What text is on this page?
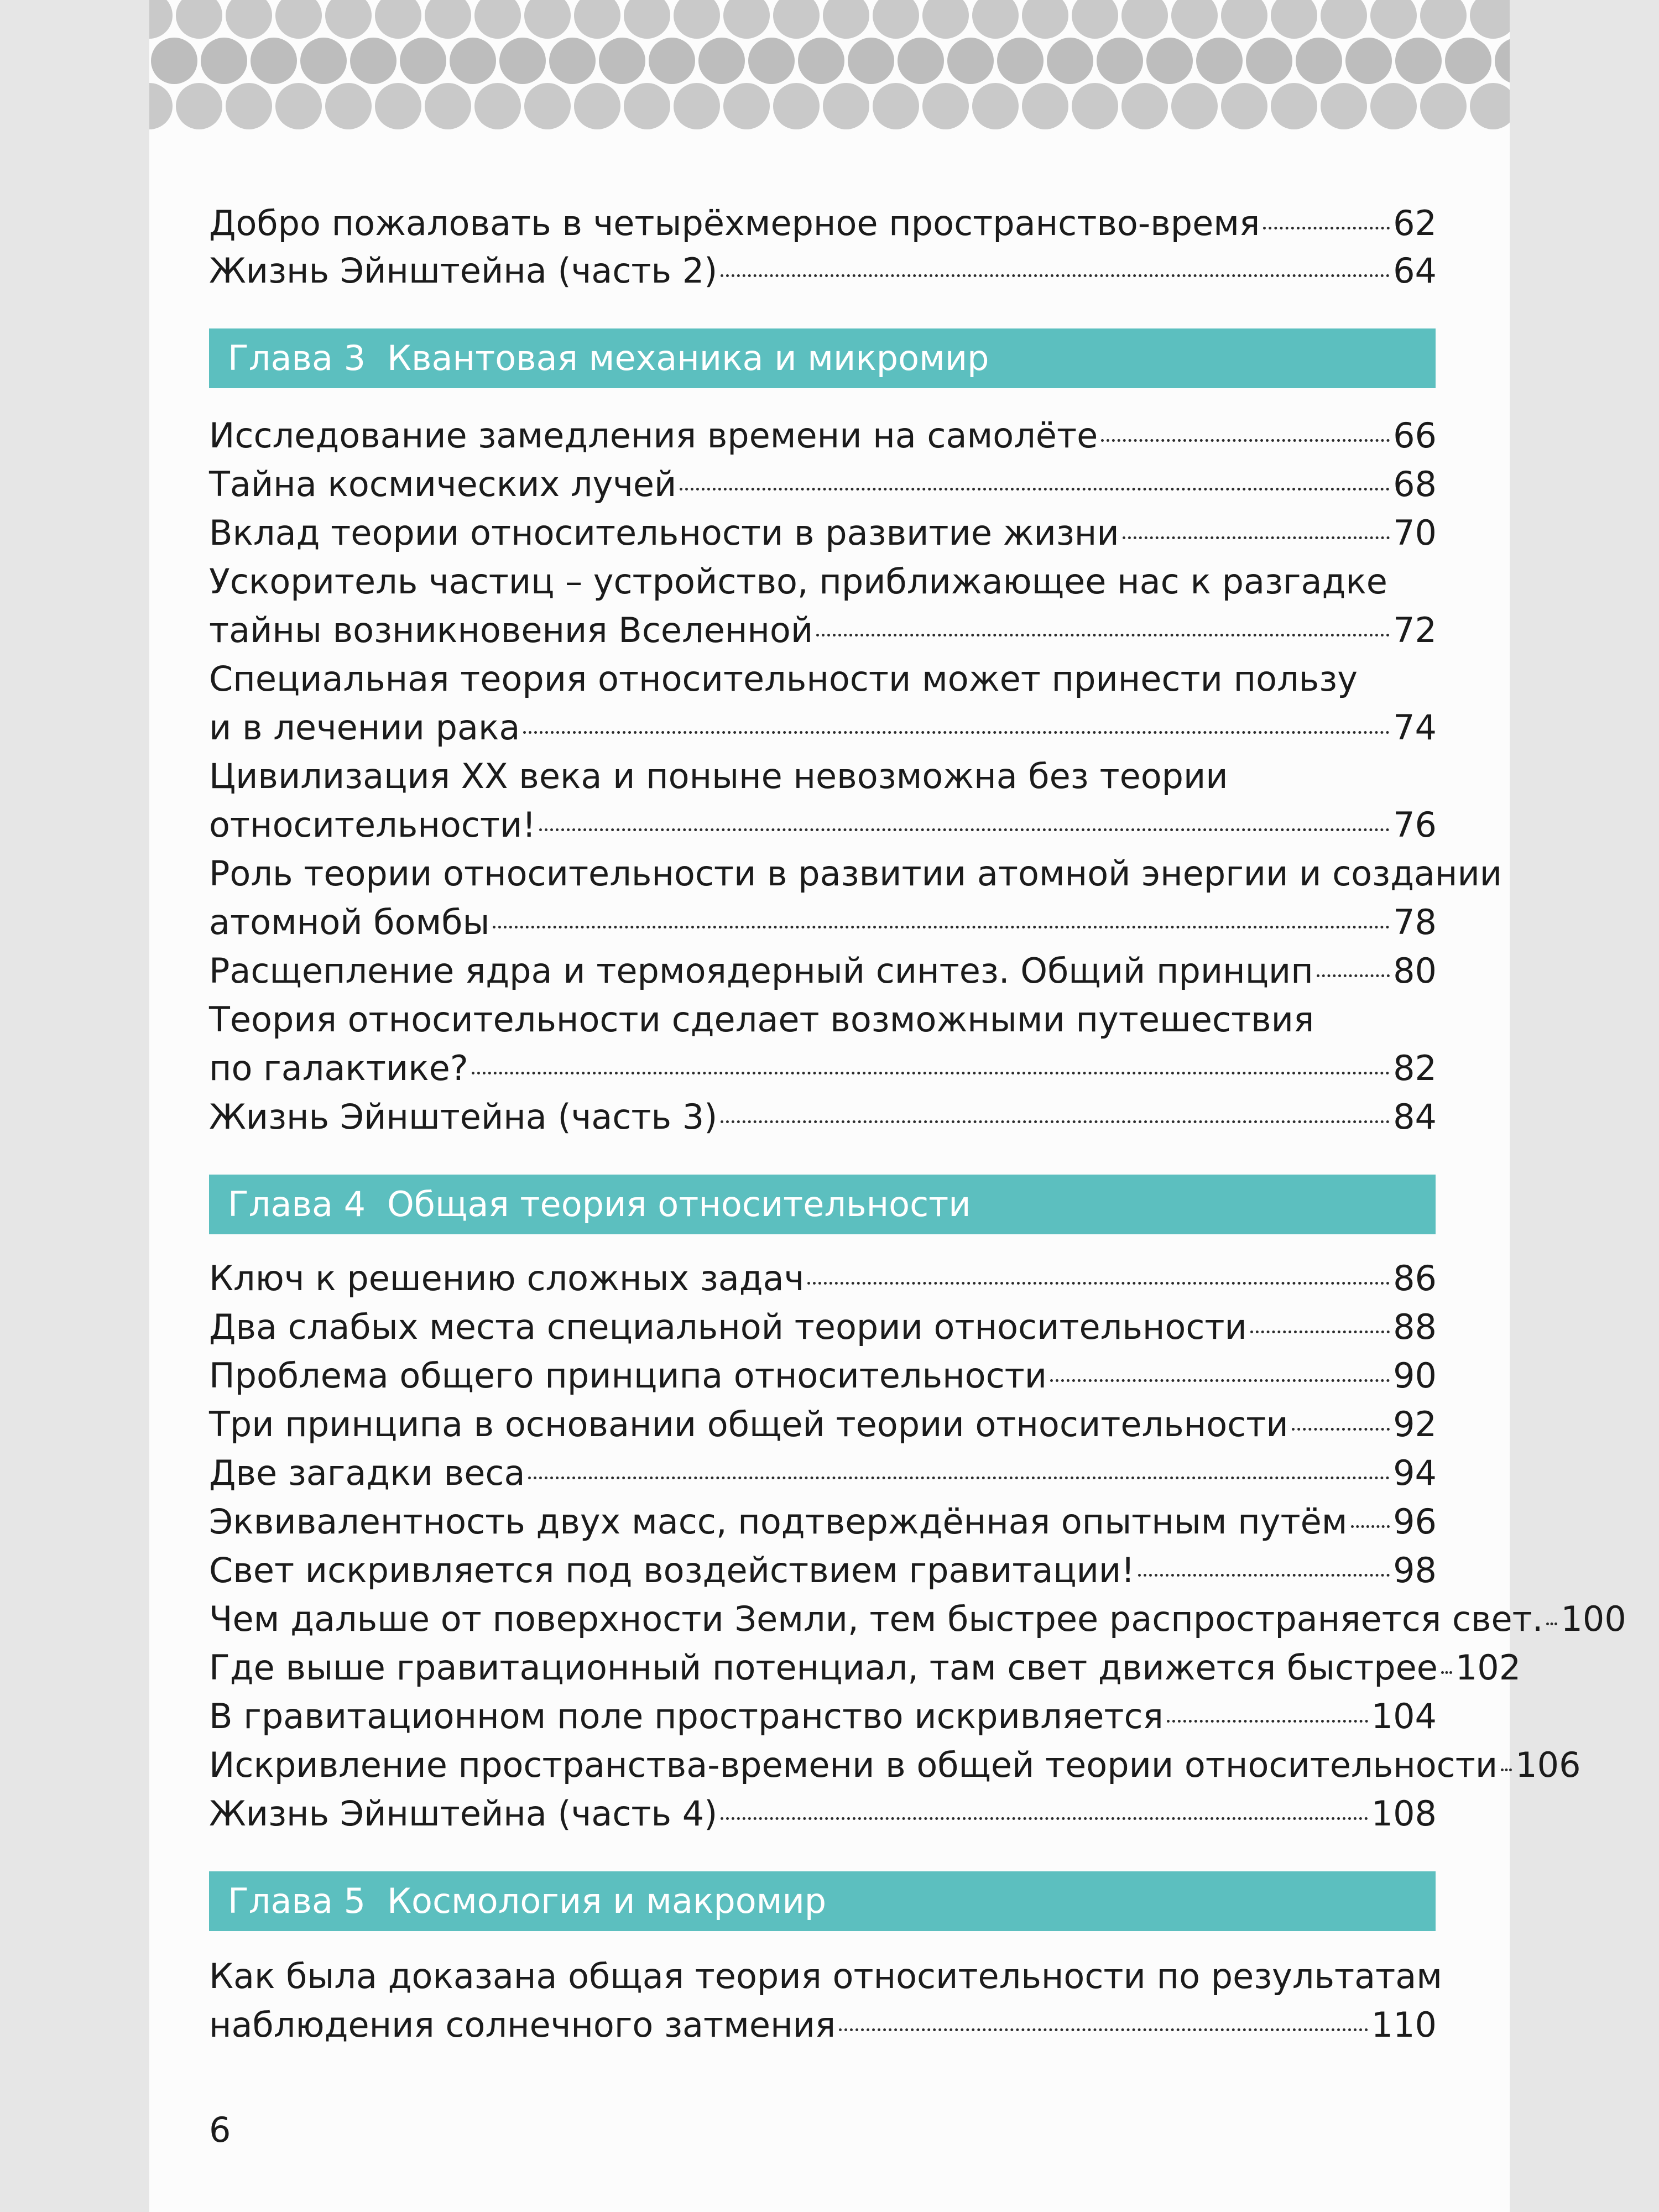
Добро пожаловать в четырёхмерное пространство-время	62
Жизнь Эйнштейна (часть 2)	64
Глава 3 Квантовая механика и микромир
Исследование замедления времени на самолёте	66
Тайна космических лучей	68
Вклад теории относительности в развитие жизни	70
Ускоритель частиц – устройство, приближающее нас к разгадке
тайны возникновения Вселенной	72
Специальная теория относительности может принести пользу
и в лечении рака	74
Цивилизация ХХ века и поныне невозможна без теории
относительности!	76
Роль теории относительности в развитии атомной энергии и создании
атомной бомбы	78
Расщепление ядра и термоядерный синтез. Общий принцип 80
Теория относительности сделает возможными путешествия
по галактике?	82
Жизнь Эйнштейна (часть 3)	84
Глава 4 Общая теория относительности
Ключ к решению сложных задач	86
Два слабых места специальной теории относительности	88
Проблема общего принципа относительности	90
Три принципа в основании общей теории относительности	92
Две загадки веса	94
Эквивалентность двух масс, подтверждённая опытным путём 96
Свет искривляется под воздействием гравитации!	98
Чем дальше от поверхности Земли, тем быстрее распространяется свет. 100
Где выше гравитационный потенциал, там свет движется быстрее 102
В гравитационном поле пространство искривляется	104
Искривление пространства-времени в общей теории относительности 106
Жизнь Эйнштейна (часть 4)	108
Глава 5 Космология и макромир
Как была доказана общая теория относительности по результатам
наблюдения солнечного затмения	110
6
